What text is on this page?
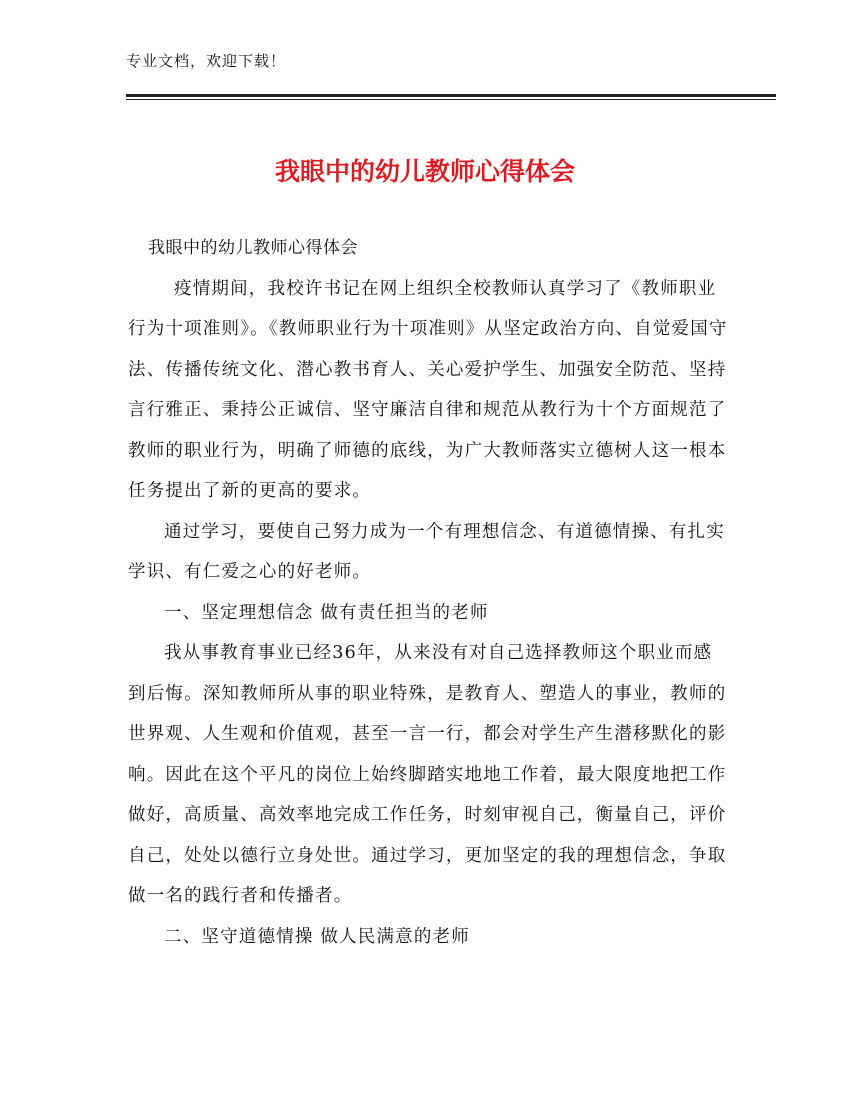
专业文档，欢迎下载！
我眼中的幼儿教师心得体会

我眼中的幼儿教师心得体会

疫情期间，我校许书记在网上组织全校教师认真学习了《教师职业行为十项准则》。《教师职业行为十项准则》从坚定政治方向、自觉爱国守法、传播传统文化、潜心教书育人、关心爱护学生、加强安全防范、坚持言行雅正、秉持公正诚信、坚守廉洁自律和规范从教行为十个方面规范了教师的职业行为，明确了师德的底线，为广大教师落实立德树人这一根本任务提出了新的更高的要求。

通过学习，要使自己努力成为一个有理想信念、有道德情操、有扎实学识、有仁爱之心的好老师。

一、坚定理想信念 做有责任担当的老师

我从事教育事业已经36年，从来没有对自己选择教师这个职业而感到后悔。深知教师所从事的职业特殊，是教育人、塑造人的事业，教师的世界观、人生观和价值观，甚至一言一行，都会对学生产生潜移默化的影响。因此在这个平凡的岗位上始终脚踏实地地工作着，最大限度地把工作做好，高质量、高效率地完成工作任务，时刻审视自己，衡量自己，评价自己，处处以德行立身处世。通过学习，更加坚定的我的理想信念，争取做一名的践行者和传播者。

二、坚守道德情操 做人民满意的老师
